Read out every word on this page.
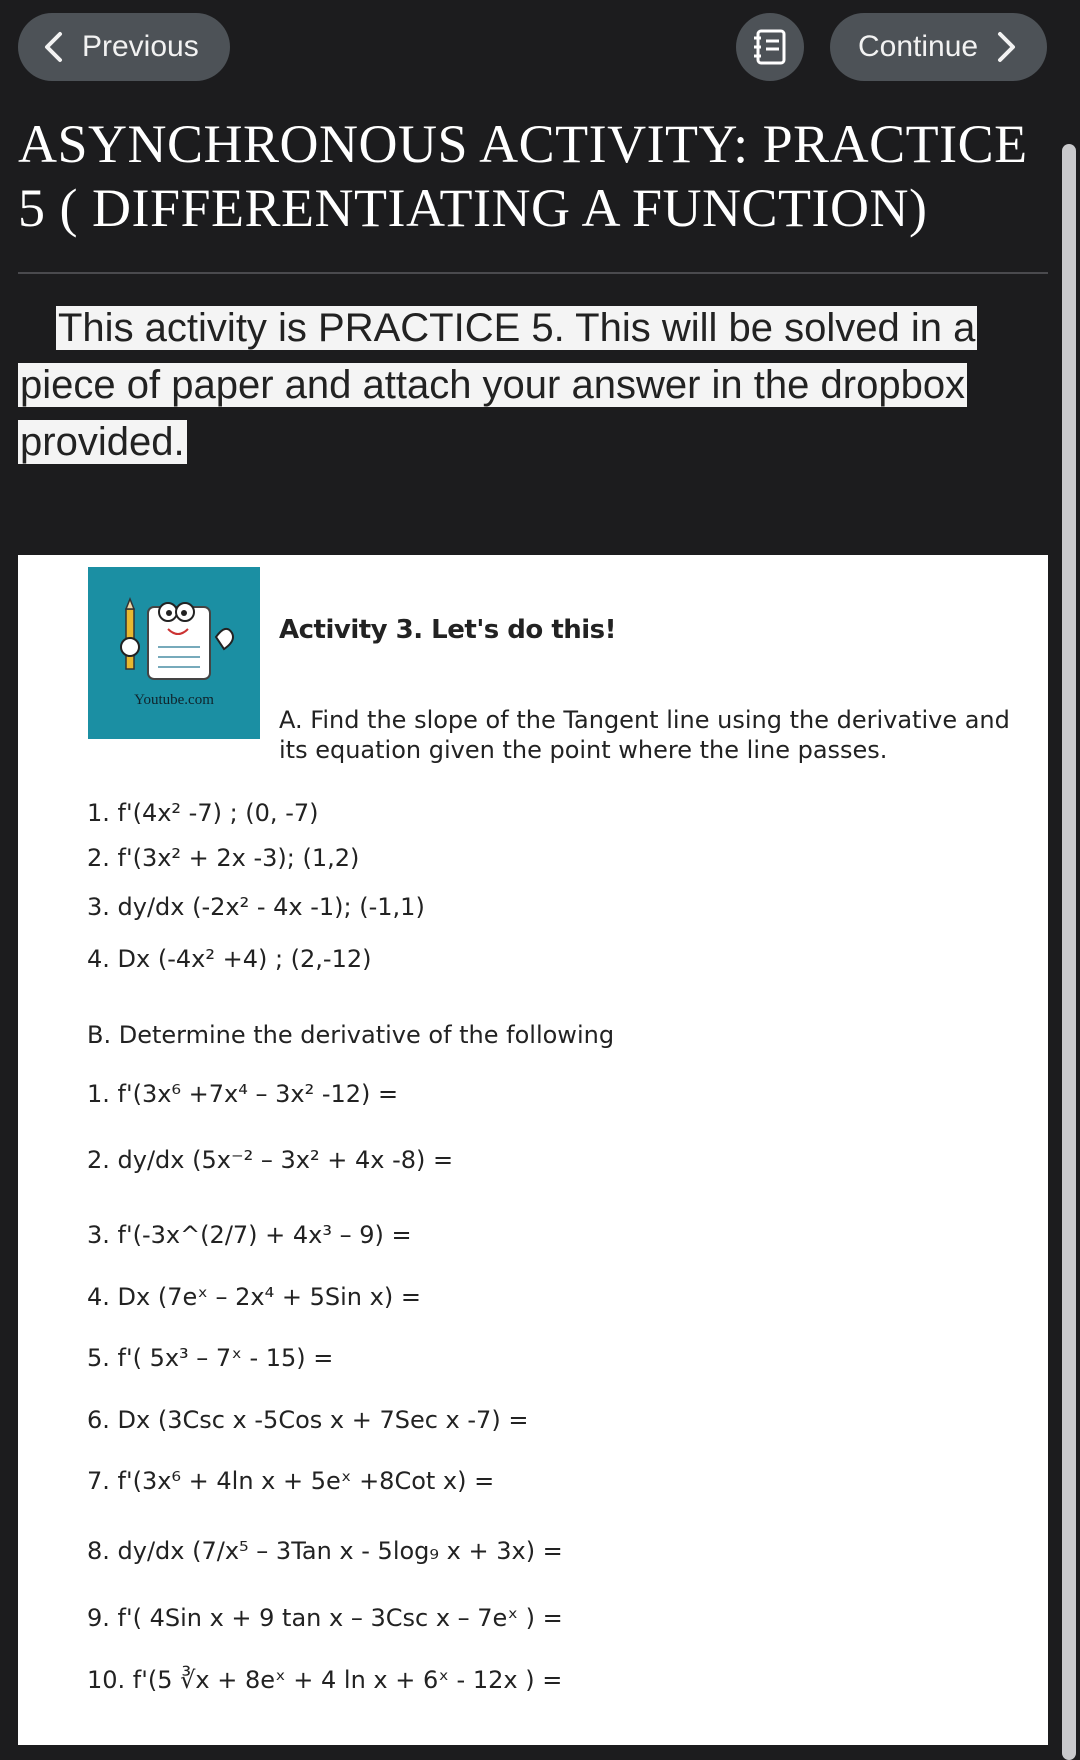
Previous	Continue
ASYNCHRONOUS ACTIVITY: PRACTICE 5 ( DIFFERENTIATING A FUNCTION)
This activity is PRACTICE 5. This will be solved in a
piece of paper and attach your answer in the dropbox
provided.
Youtube.com
Activity 3. Let's do this!
A. Find the slope of the Tangent line using the derivative and its equation given the point where the line passes.
1. f'(4x² -7) ; (0, -7)
2. f'(3x² + 2x -3); (1,2)
3. dy/dx (-2x² - 4x -1); (-1,1)
4. Dx (-4x² +4) ; (2,-12)
B. Determine the derivative of the following
1. f'(3x⁶ +7x⁴ – 3x² -12) =
2. dy/dx (5x⁻² – 3x² + 4x -8) =
3. f'(-3x^(2/7) + 4x³ – 9) =
4. Dx (7eˣ – 2x⁴ + 5Sin x) =
5. f'( 5x³ – 7ˣ - 15) =
6. Dx (3Csc x -5Cos x + 7Sec x -7) =
7. f'(3x⁶ + 4ln x + 5eˣ +8Cot x) =
8. dy/dx (7/x⁵ – 3Tan x - 5log₉ x + 3x) =
9. f'( 4Sin x + 9 tan x – 3Csc x – 7eˣ ) =
10. f'(5 ∛x + 8eˣ + 4 ln x + 6ˣ - 12x ) =
